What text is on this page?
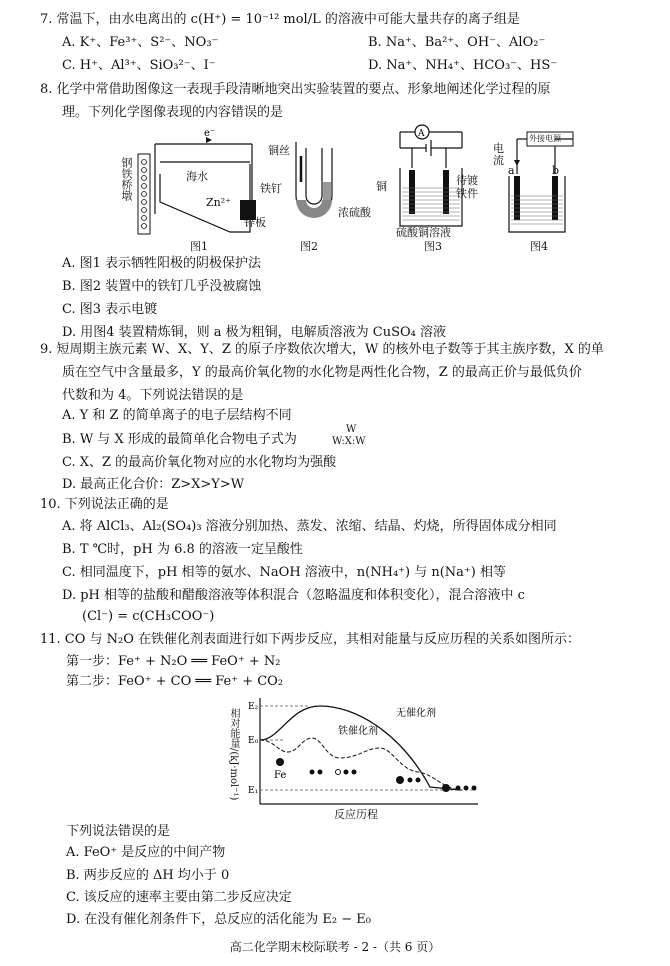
7. 常温下，由水电离出的 c(H⁺) = 10⁻¹² mol/L 的溶液中可能大量共存的离子组是
A. K⁺、Fe³⁺、S²⁻、NO₃⁻	B. Na⁺、Ba²⁺、OH⁻、AlO₂⁻
C. H⁺、Al³⁺、SiO₃²⁻、I⁻	D. Na⁺、NH₄⁺、HCO₃⁻、HS⁻
8. 化学中常借助图像这一表现手段清晰地突出实验装置的要点、形象地阐述化学过程的原
理。下列化学图像表现的内容错误的是
e⁻
钢铁桥墩	海水
Zn²⁺
锌板
图1
铜丝
铁钉
浓硫酸
图2
A
铜	待镀铁件
硫酸铜溶液
图3
外接电源
电流
a	b
图4
A. 图1 表示牺牲阳极的阴极保护法
B. 图2 装置中的铁钉几乎没被腐蚀
C. 图3 表示电镀
D. 用图4 装置精炼铜，则 a 极为粗铜，电解质溶液为 CuSO₄ 溶液
9. 短周期主族元素 W、X、Y、Z 的原子序数依次增大，W 的核外电子数等于其主族序数，X 的单
质在空气中含量最多，Y 的最高价氧化物的水化物是两性化合物，Z 的最高正价与最低负价
代数和为 4。下列说法错误的是
A. Y 和 Z 的简单离子的电子层结构不同
B. W 与 X 形成的最简单化合物电子式为
W
W:X:W
C. X、Z 的最高价氧化物对应的水化物均为强酸
D. 最高正化合价：Z>X>Y>W
10. 下列说法正确的是
A. 将 AlCl₃、Al₂(SO₄)₃ 溶液分别加热、蒸发、浓缩、结晶、灼烧，所得固体成分相同
B. T ℃时，pH 为 6.8 的溶液一定呈酸性
C. 相同温度下，pH 相等的氨水、NaOH 溶液中，n(NH₄⁺) 与 n(Na⁺) 相等
D. pH 相等的盐酸和醋酸溶液等体积混合（忽略温度和体积变化），混合溶液中 c
(Cl⁻) = c(CH₃COO⁻)
11. CO 与 N₂O 在铁催化剂表面进行如下两步反应，其相对能量与反应历程的关系如图所示：
第一步：Fe⁺ + N₂O ══ FeO⁺ + N₂
第二步：FeO⁺ + CO ══ Fe⁺ + CO₂
E₂
E₀
E₁
Fe
无催化剂
铁催化剂
相对能量/(kJ·mol⁻¹)
反应历程
下列说法错误的是
A. FeO⁺ 是反应的中间产物
B. 两步反应的 ΔH 均小于 0
C. 该反应的速率主要由第二步反应决定
D. 在没有催化剂条件下，总反应的活化能为 E₂ − E₀
高二化学期末校际联考 - 2 -（共 6 页）
